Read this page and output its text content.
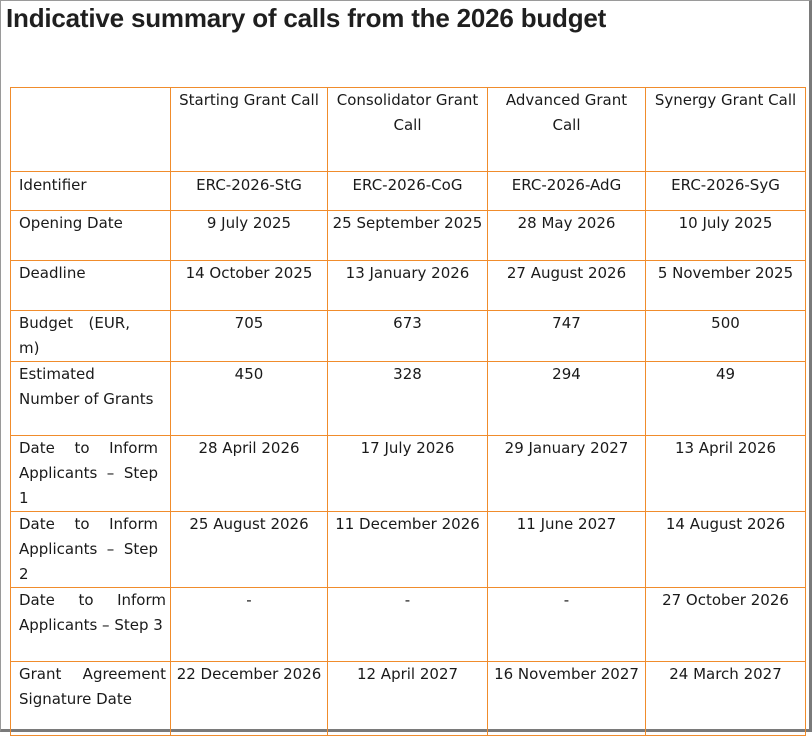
Indicative summary of calls from the 2026 budget
	Starting Grant Call	Consolidator Grant Call	Advanced Grant Call	Synergy Grant Call
Identifier	ERC-2026-StG	ERC-2026-CoG	ERC-2026-AdG	ERC-2026-SyG
Opening Date	9 July 2025	25 September 2025	28 May 2026	10 July 2025
Deadline	14 October 2025	13 January 2026	27 August 2026	5 November 2025
Budget (EUR, m)	705	673	747	500
Estimated Number of Grants	450	328	294	49
Date to Inform Applicants – Step 1	28 April 2026	17 July 2026	29 January 2027	13 April 2026
Date to Inform Applicants – Step 2	25 August 2026	11 December 2026	11 June 2027	14 August 2026
Date to Inform Applicants – Step 3	-	-	-	27 October 2026
Grant Agreement Signature Date	22 December 2026	12 April 2027	16 November 2027	24 March 2027
